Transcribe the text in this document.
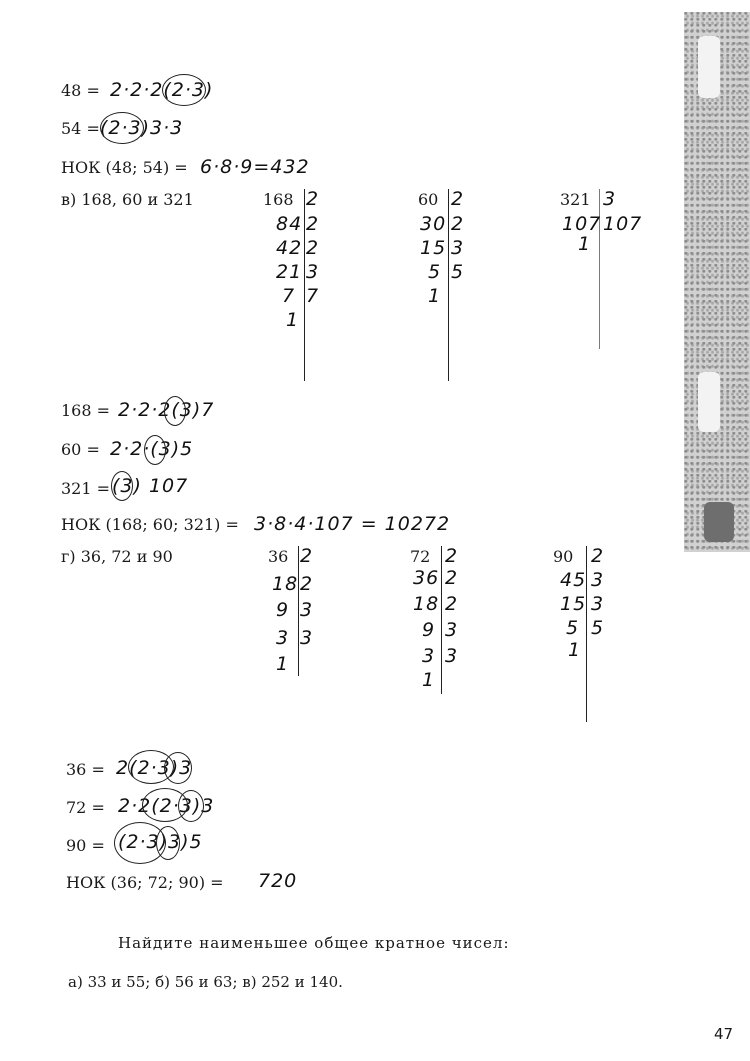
48 = 2·2·2(2·3)
54 = (2·3)3·3
НОК (48; 54) = 6·8·9=432
в) 168, 60 и 321	168 2
84
42
21
7
1
2
2
3
7
60 2
30
15
5
1
2
3
5
321 3
107
1
107
168 = 2·2·2(3)7
60 = 2·2·(3)5
321 = (3) 107
НОК (168; 60; 321) = 3·8·4·107 = 10272
г) 36, 72 и 90	36 2
18
9
3
1
2
3
3
72 2
36
18
9
3
1
2
2
3
3
90 2
45
15
5
1
3
3
5
36 = 2(2·3)3
72 = 2·2(2·3)3
90 = (2·3)3)5
НОК (36; 72; 90) = 720
Найдите наименьшее общее кратное чисел:
а) 33 и 55; б) 56 и 63; в) 252 и 140.
47
